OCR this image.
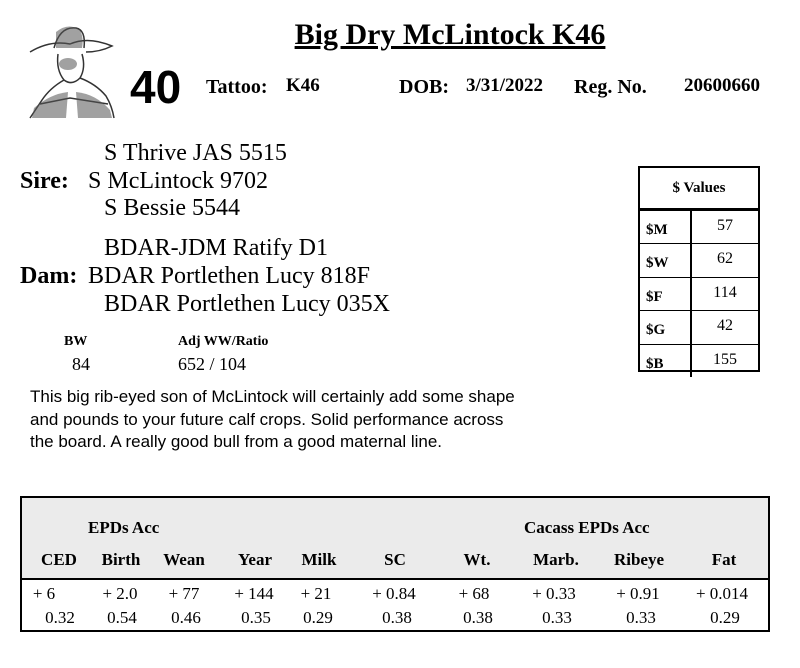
Big Dry McLintock K46
40 Tattoo: K46	DOB: 3/31/2022 Reg. No. 20600660
S Thrive JAS 5515
Sire: S McLintock 9702
S Bessie 5544
BDAR-JDM Ratify D1
Dam: BDAR Portlethen Lucy 818F
BDAR Portlethen Lucy 035X
BW
84
Adj WW/Ratio
652 / 104
This big rib-eyed son of McLintock will certainly add some shape and pounds to your future calf crops. Solid performance across the board. A really good bull from a good maternal line.
$ Values
$M	57
$W	62
$F	114
$G	42
$B	155
EPDs Acc	Cacass EPDs Acc
CED	Birth	Wean	Year	Milk	SC	Wt.	Marb.	Ribeye	Fat
+ 6	+ 2.0	+ 77	+ 144	+ 21	+ 0.84	+ 68	+ 0.33	+ 0.91	+ 0.014
0.32	0.54	0.46	0.35	0.29	0.38	0.38	0.33	0.33	0.29
